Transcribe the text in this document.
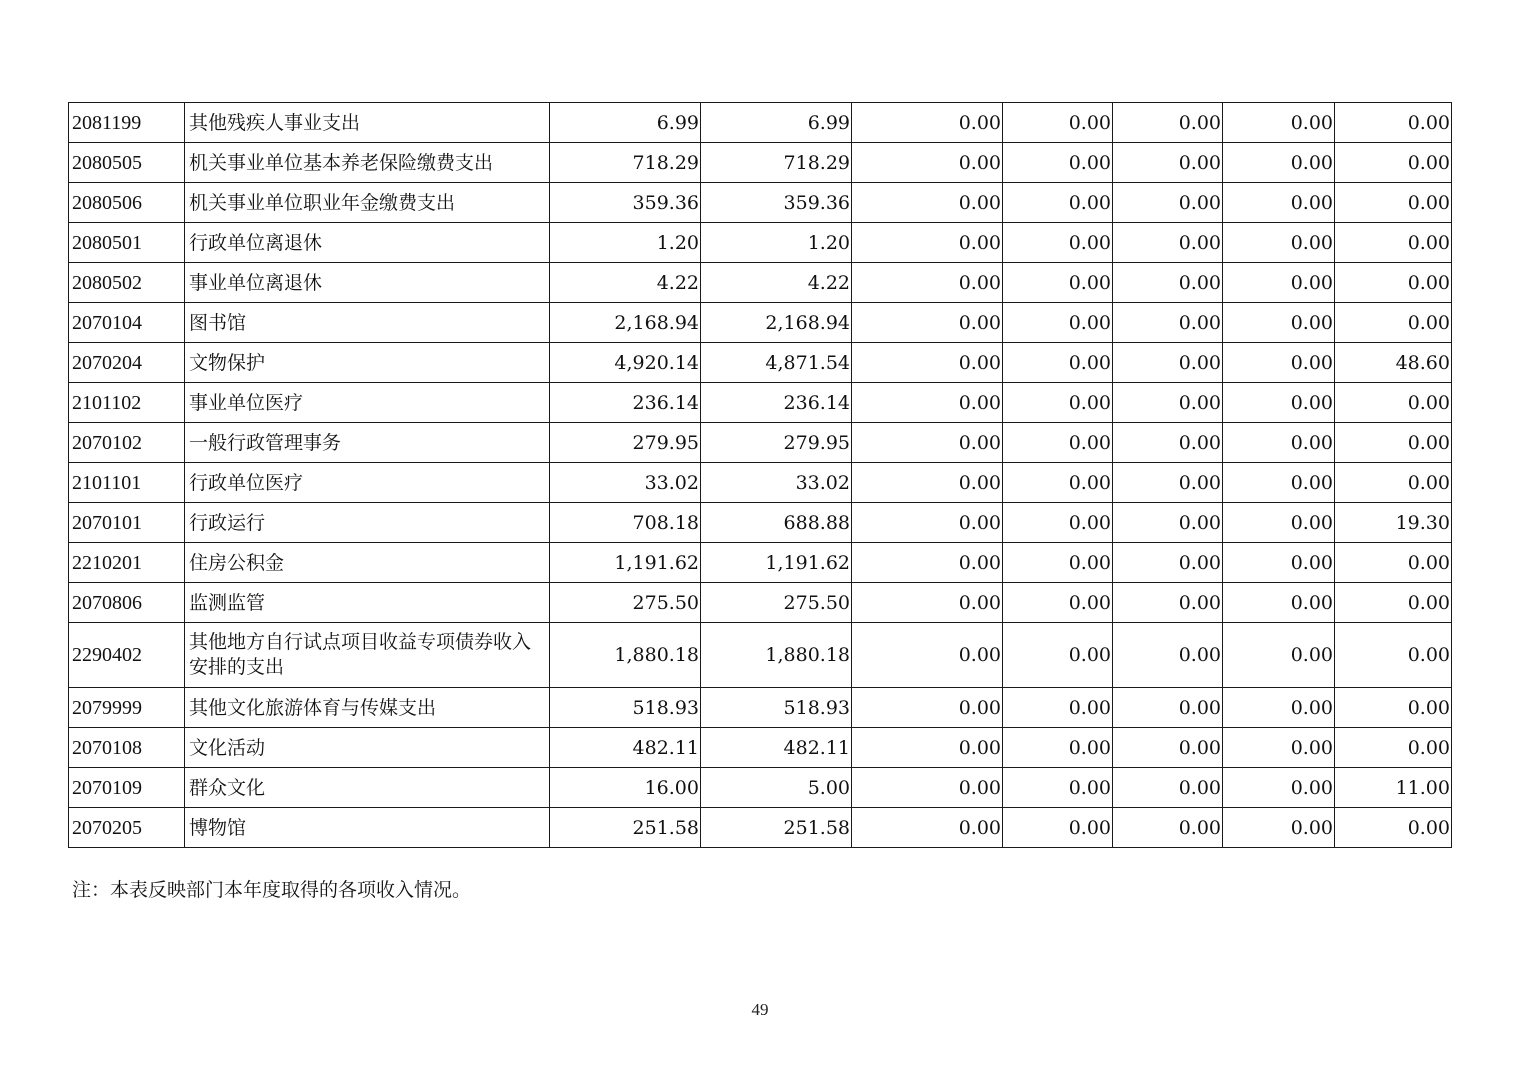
2081199	其他残疾人事业支出	6.99	6.99	0.00	0.00	0.00	0.00	0.00
2080505	机关事业单位基本养老保险缴费支出	718.29	718.29	0.00	0.00	0.00	0.00	0.00
2080506	机关事业单位职业年金缴费支出	359.36	359.36	0.00	0.00	0.00	0.00	0.00
2080501	行政单位离退休	1.20	1.20	0.00	0.00	0.00	0.00	0.00
2080502	事业单位离退休	4.22	4.22	0.00	0.00	0.00	0.00	0.00
2070104	图书馆	2,168.94	2,168.94	0.00	0.00	0.00	0.00	0.00
2070204	文物保护	4,920.14	4,871.54	0.00	0.00	0.00	0.00	48.60
2101102	事业单位医疗	236.14	236.14	0.00	0.00	0.00	0.00	0.00
2070102	一般行政管理事务	279.95	279.95	0.00	0.00	0.00	0.00	0.00
2101101	行政单位医疗	33.02	33.02	0.00	0.00	0.00	0.00	0.00
2070101	行政运行	708.18	688.88	0.00	0.00	0.00	0.00	19.30
2210201	住房公积金	1,191.62	1,191.62	0.00	0.00	0.00	0.00	0.00
2070806	监测监管	275.50	275.50	0.00	0.00	0.00	0.00	0.00
2290402	其他地方自行试点项目收益专项债券收入安排的支出	1,880.18	1,880.18	0.00	0.00	0.00	0.00	0.00
2079999	其他文化旅游体育与传媒支出	518.93	518.93	0.00	0.00	0.00	0.00	0.00
2070108	文化活动	482.11	482.11	0.00	0.00	0.00	0.00	0.00
2070109	群众文化	16.00	5.00	0.00	0.00	0.00	0.00	11.00
2070205	博物馆	251.58	251.58	0.00	0.00	0.00	0.00	0.00
注：本表反映部门本年度取得的各项收入情况。
49
